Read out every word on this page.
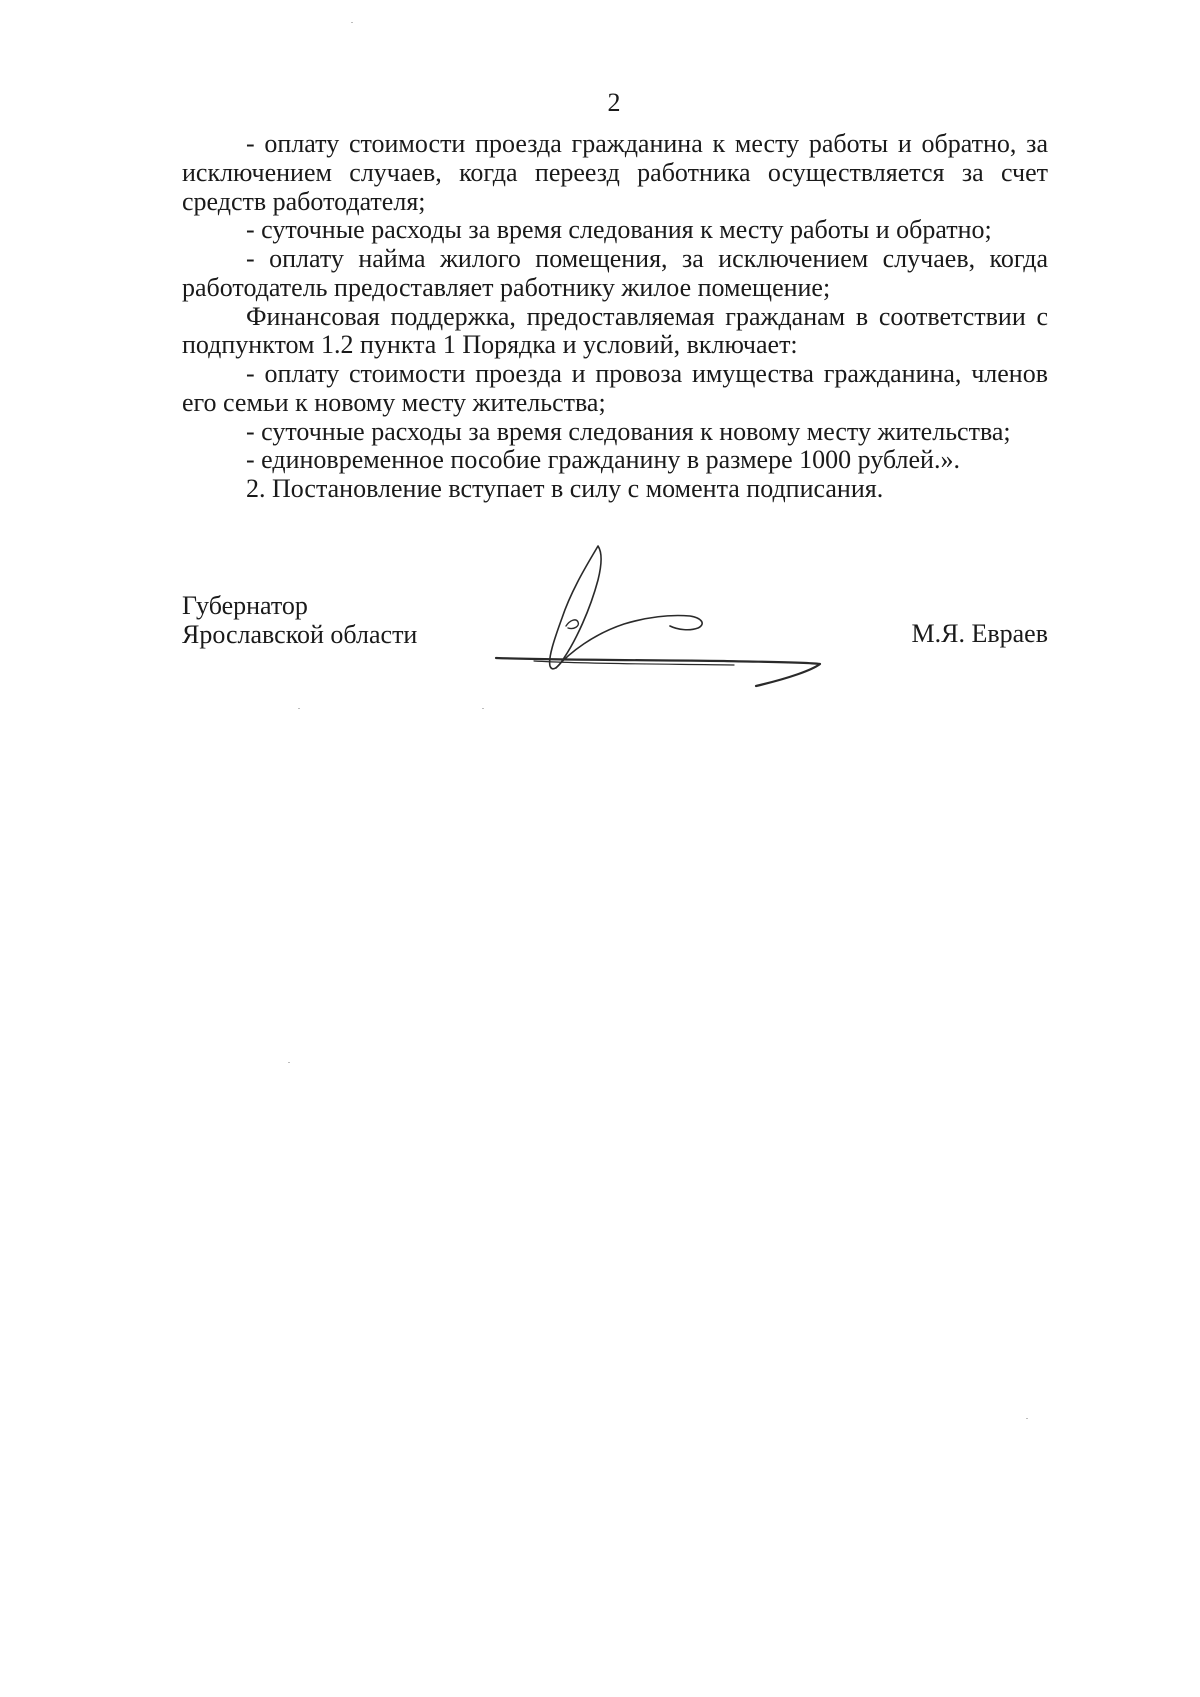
2

- оплату стоимости проезда гражданина к месту работы и обратно, за исключением случаев, когда переезд работника осуществляется за счет средств работодателя;

- суточные расходы за время следования к месту работы и обратно;

- оплату найма жилого помещения, за исключением случаев, когда работодатель предоставляет работнику жилое помещение;

Финансовая поддержка, предоставляемая гражданам в соответствии с подпунктом 1.2 пункта 1 Порядка и условий, включает:

- оплату стоимости проезда и провоза имущества гражданина, членов его семьи к новому месту жительства;

- суточные расходы за время следования к новому месту жительства;

- единовременное пособие гражданину в размере 1000 рублей.».

2. Постановление вступает в силу с момента подписания.

Губернатор
Ярославской области	М.Я. Евраев
